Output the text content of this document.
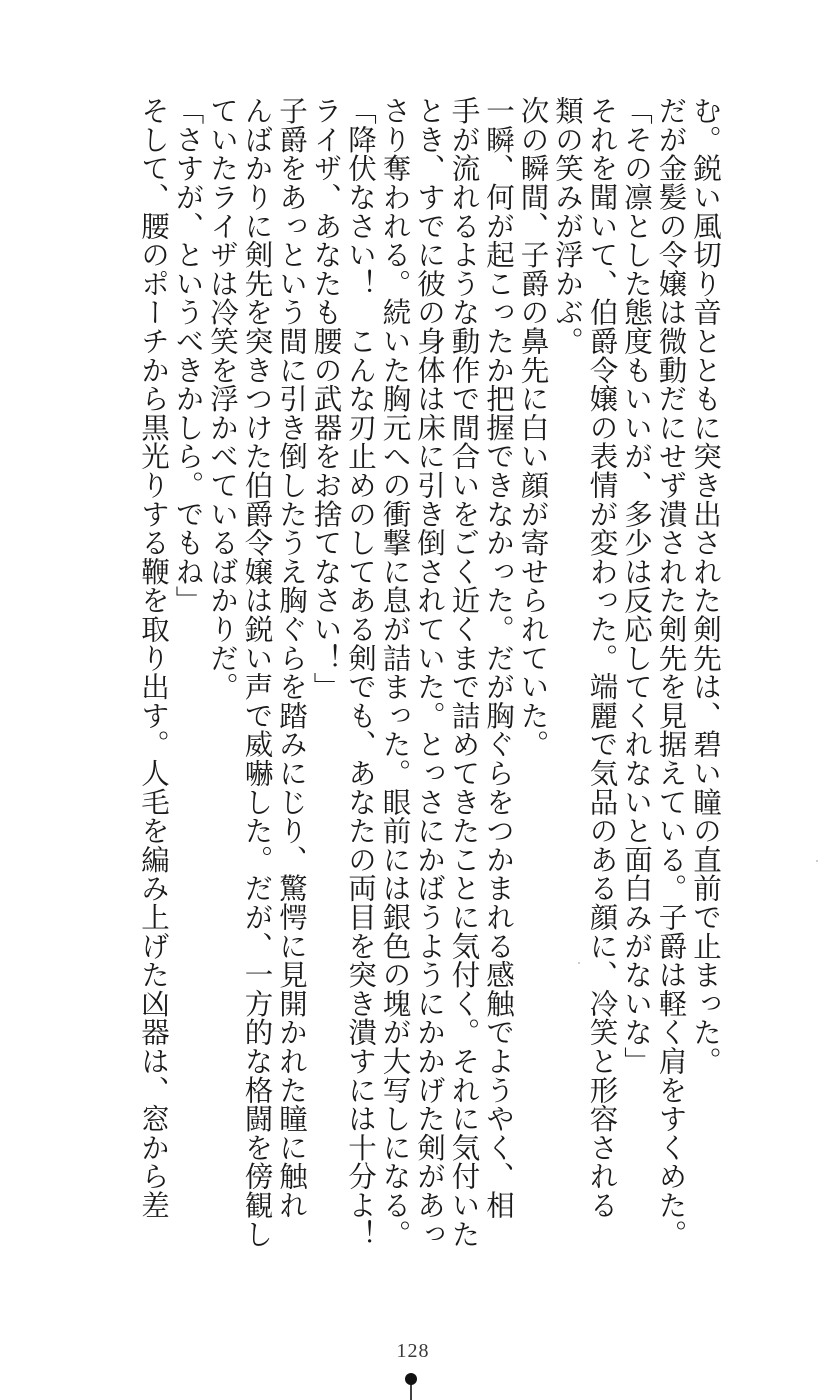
む。鋭い風切り音とともに突き出された剣先は、碧い瞳の直前で止まった。
だが金髪の令嬢は微動だにせず潰された剣先を見据えている。子爵は軽く肩をすくめた。
「その凛とした態度もいいが、多少は反応してくれないと面白みがないな」
それを聞いて、伯爵令嬢の表情が変わった。端麗で気品のある顔に、冷笑と形容される
類の笑みが浮かぶ。
次の瞬間、子爵の鼻先に白い顔が寄せられていた。
一瞬、何が起こったか把握できなかった。だが胸ぐらをつかまれる感触でようやく、相
手が流れるような動作で間合いをごく近くまで詰めてきたことに気付く。それに気付いた
とき、すでに彼の身体は床に引き倒されていた。とっさにかばうようにかかげた剣があっ
さり奪われる。続いた胸元への衝撃に息が詰まった。眼前には銀色の塊が大写しになる。
「降伏なさい！　こんな刃止めのしてある剣でも、あなたの両目を突き潰すには十分よ！
ライザ、あなたも腰の武器をお捨てなさい！」
子爵をあっという間に引き倒したうえ胸ぐらを踏みにじり、驚愕に見開かれた瞳に触れ
んばかりに剣先を突きつけた伯爵令嬢は鋭い声で威嚇した。だが、一方的な格闘を傍観し
ていたライザは冷笑を浮かべているばかりだ。
「さすが、というべきかしら。でもね」
そして、腰のポーチから黒光りする鞭を取り出す。人毛を編み上げた凶器は、窓から差
128
